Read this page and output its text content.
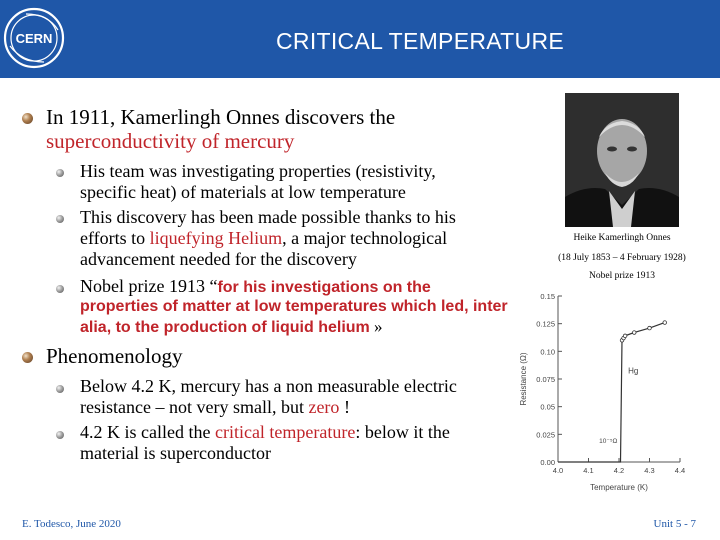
CERN	CRITICAL TEMPERATURE
In 1911, Kamerlingh Onnes discovers the
superconductivity of mercury
His team was investigating properties (resistivity,
specific heat) of materials at low temperature
This discovery has been made possible thanks to his
efforts to liquefying Helium, a major technological
advancement needed for the discovery
Nobel prize 1913 “for his investigations on the
properties of matter at low temperatures which led, inter
alia, to the production of liquid helium »
Phenomenology
Below 4.2 K, mercury has a non measurable electric
resistance – not very small, but zero !
4.2 K is called the critical temperature: below it the
material is superconductor
Heike Kamerlingh Onnes
(18 July 1853 – 4 February 1928)
Nobel prize 1913
0.00
0.025
0.05
0.075
0.10
0.125
0.15
4.0	4.1	4.2	4.3	4.4
Temperature (K)
Resistance (Ω)	Hg
10⁻⁵Ω
E. Todesco, June 2020	Unit 5 - 7
